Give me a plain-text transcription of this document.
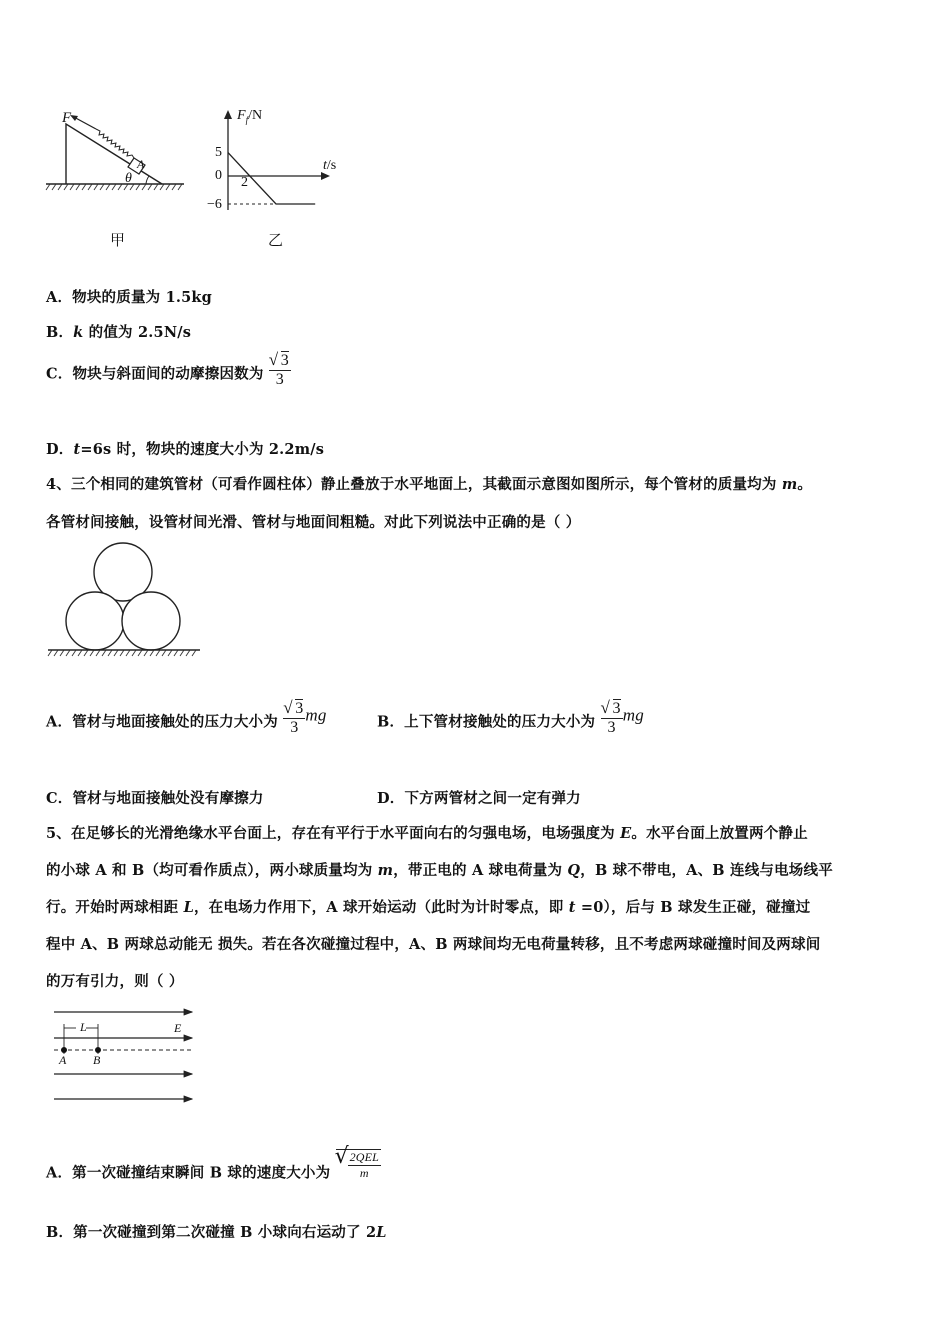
F
A
θ
甲
$F_f/N$
t/s
5
0
−6
2
乙
A．物块的质量为 1.5kg
B．k 的值为 2.5N/s
C．物块与斜面间的动摩擦因数为 √ $\frac{3}{3}$
D．t=6s 时，物块的速度大小为 2.2m/s
4、三个相同的建筑管材（可看作圆柱体）静止叠放于水平地面上，其截面示意图如图所示，每个管材的质量均为 m。
各管材间接触，设管材间光滑、管材与地面间粗糙。对此下列说法中正确的是（ ）
A．管材与地面接触处的压力大小为 √ $\frac{3}{3}$ mg	B．上下管材接触处的压力大小为 √ $\frac{3}{3}$ mg
C．管材与地面接触处没有摩擦力	D．下方两管材之间一定有弹力
5、在足够长的光滑绝缘水平台面上，存在有平行于水平面向右的匀强电场，电场强度为 E。水平台面上放置两个静止
的小球 A 和 B（均可看作质点），两小球质量均为 m，带正电的 A 球电荷量为 Q，B 球不带电，A、B 连线与电场线平
行。开始时两球相距 L，在电场力作用下，A 球开始运动（此时为计时零点，即 t =0），后与 B 球发生正碰，碰撞过
程中 A、B 两球总动能无 损失。若在各次碰撞过程中，A、B 两球间均无电荷量转移，且不考虑两球碰撞时间及两球间
的万有引力，则（ ）
L	E
A B
A．第一次碰撞结束瞬间 B 球的速度大小为
√
$\frac{\text{2QEL}}{m}$
B．第一次碰撞到第二次碰撞 B 小球向右运动了 2L
